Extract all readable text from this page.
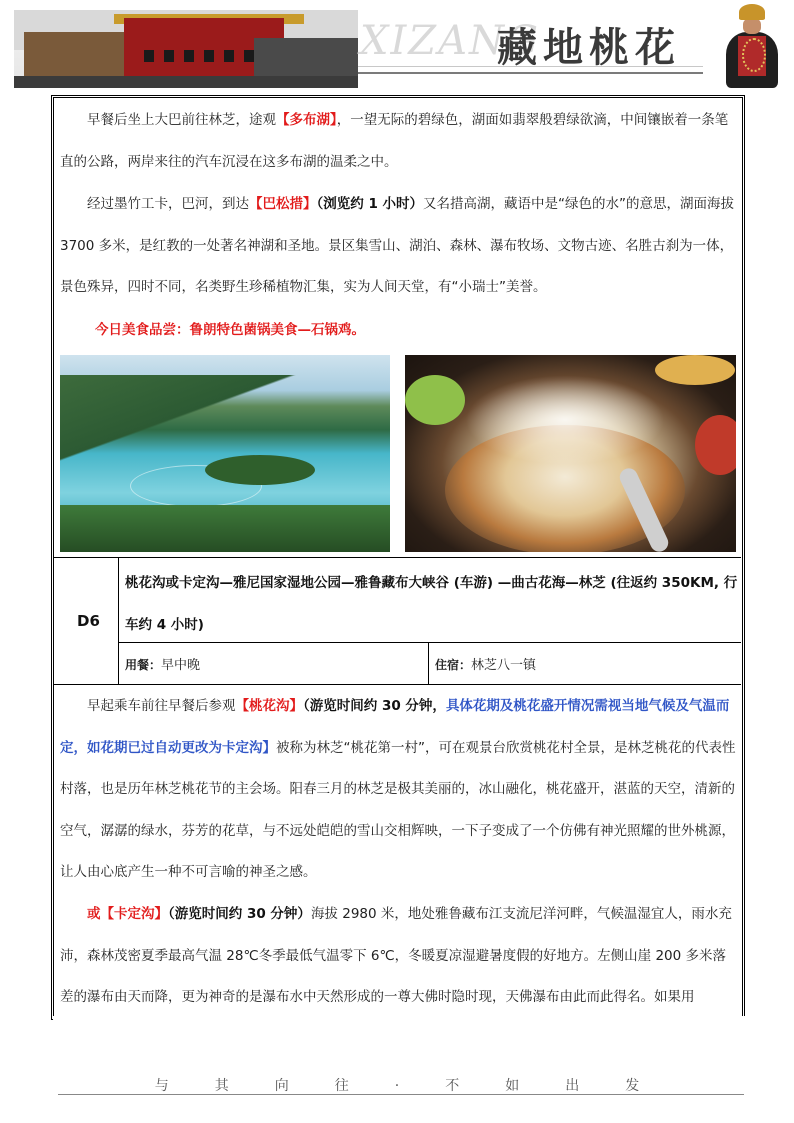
XIZANG
藏地桃花
早餐后坐上大巴前往林芝，途观【多布湖】，一望无际的碧绿色，湖面如翡翠般碧绿欲滴，中间镶嵌着一条笔直的公路，两岸来往的汽车沉浸在这多布湖的温柔之中。
经过墨竹工卡，巴河，到达【巴松措】（浏览约 1 小时）又名措高湖，藏语中是“绿色的水”的意思，湖面海拔 3700 多米，是红教的一处著名神湖和圣地。景区集雪山、湖泊、森林、瀑布牧场、文物古迹、名胜古刹为一体，景色殊异，四时不同，名类野生珍稀植物汇集，实为人间天堂，有“小瑞士”美誉。
今日美食品尝：鲁朗特色菌锅美食—石锅鸡。
D6
桃花沟或卡定沟—雅尼国家湿地公园—雅鲁藏布大峡谷 (车游) —曲古花海—林芝 (往返约 350KM, 行车约 4 小时)
用餐：早中晚	住宿：林芝八一镇
早起乘车前往早餐后参观【桃花沟】（游览时间约 30 分钟，具体花期及桃花盛开情况需视当地气候及气温而定，如花期已过自动更改为卡定沟】被称为林芝“桃花第一村”，可在观景台欣赏桃花村全景，是林芝桃花的代表性村落，也是历年林芝桃花节的主会场。阳春三月的林芝是极其美丽的，冰山融化，桃花盛开，湛蓝的天空，清新的空气，潺潺的绿水，芬芳的花草，与不远处皑皑的雪山交相辉映，一下子变成了一个仿佛有神光照耀的世外桃源，让人由心底产生一种不可言喻的神圣之感。
或【卡定沟】（游览时间约 30 分钟）海拔 2980 米，地处雅鲁藏布江支流尼洋河畔，气候温湿宜人，雨水充沛，森林茂密夏季最高气温 28℃冬季最低气温零下 6℃，冬暖夏凉湿避暑度假的好地方。左侧山崖 200 多米落差的瀑布由天而降，更为神奇的是瀑布水中天然形成的一尊大佛时隐时现，天佛瀑布由此而此得名。如果用
与	其	向	往	·	不	如	出	发
